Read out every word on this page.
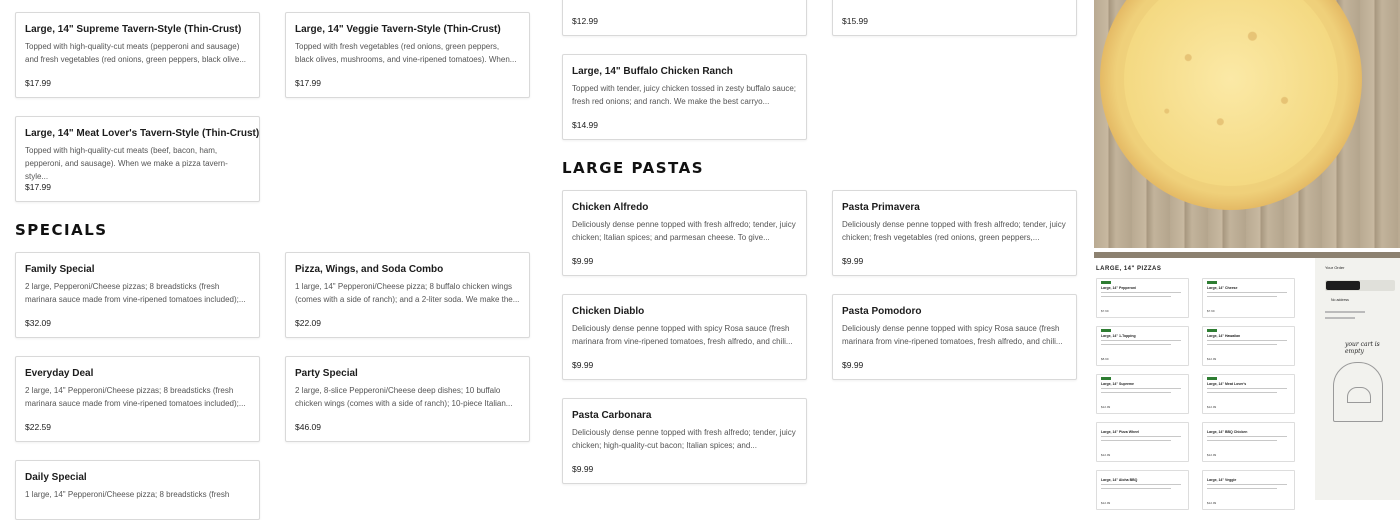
Large, 14" Supreme Tavern-Style (Thin-Crust)
Topped with high-quality-cut meats (pepperoni and sausage) and fresh vegetables (red onions, green peppers, black olive...
$17.99
Large, 14" Veggie Tavern-Style (Thin-Crust)
Topped with fresh vegetables (red onions, green peppers, black olives, mushrooms, and vine-ripened tomatoes). When...
$17.99
Large, 14" Meat Lover's Tavern-Style (Thin-Crust)
Topped with high-quality-cut meats (beef, bacon, ham, pepperoni, and sausage). When we make a pizza tavern-style...
$17.99
$12.99	$15.99
Large, 14" Buffalo Chicken Ranch
Topped with tender, juicy chicken tossed in zesty buffalo sauce; fresh red onions; and ranch. We make the best carryo...
$14.99
SPECIALS
LARGE PASTAS
Family Special
2 large, Pepperoni/Cheese pizzas; 8 breadsticks (fresh marinara sauce made from vine-ripened tomatoes included);...
$32.09
Pizza, Wings, and Soda Combo
1 large, 14" Pepperoni/Cheese pizza; 8 buffalo chicken wings (comes with a side of ranch); and a 2-liter soda. We make the...
$22.09
Everyday Deal
2 large, 14" Pepperoni/Cheese pizzas; 8 breadsticks (fresh marinara sauce made from vine-ripened tomatoes included);...
$22.59
Party Special
2 large, 8-slice Pepperoni/Cheese deep dishes; 10 buffalo chicken wings (comes with a side of ranch); 10-piece Italian...
$46.09
Daily Special
1 large, 14" Pepperoni/Cheese pizza; 8 breadsticks (fresh
Chicken Alfredo
Deliciously dense penne topped with fresh alfredo; tender, juicy chicken; Italian spices; and parmesan cheese. To give...
$9.99
Pasta Primavera
Deliciously dense penne topped with fresh alfredo; tender, juicy chicken; fresh vegetables (red onions, green peppers,...
$9.99
Chicken Diablo
Deliciously dense penne topped with spicy Rosa sauce (fresh marinara from vine-ripened tomatoes, fresh alfredo, and chili...
$9.99
Pasta Pomodoro
Deliciously dense penne topped with spicy Rosa sauce (fresh marinara from vine-ripened tomatoes, fresh alfredo, and chili...
$9.99
Pasta Carbonara
Deliciously dense penne topped with fresh alfredo; tender, juicy chicken; high-quality-cut bacon; Italian spices; and...
$9.99
LARGE, 14" PIZZAS
Large, 14" Pepperoni
$7.99
Large, 14" Cheese
$7.99
Large, 14" 1-Topping
$8.99
Large, 14" Hawaiian
$12.99
Large, 14" Supreme
$12.99
Large, 14" Meat Lover's
$12.99
Large, 14" Pizza Wheel
$12.99
Large, 14" BBQ Chicken
$12.99
Large, 14" Aloha BBQ
$12.99
Large, 14" Veggie
$12.99
Your Order
No address
your cart is empty
